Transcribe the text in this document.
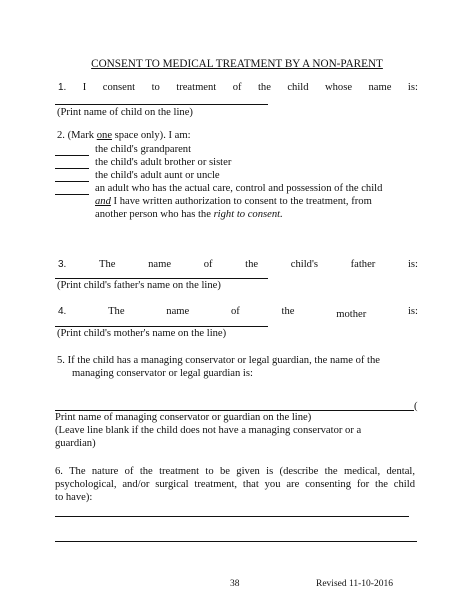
CONSENT TO MEDICAL TREATMENT BY A NON-PARENT
1. I consent to treatment of the child whose name is:
(Print name of child on the line)
2. (Mark one space only). I am:
the child's grandparent
the child's adult brother or sister
the child's adult aunt or uncle
an adult who has the actual care, control and possession of the child
and I have written authorization to consent to the treatment, from
another person who has the right to consent.
3.	The	name	of	the	child's	father	is:
(Print child's father's name on the line)
4.	The	name	of	the	mother	is:
(Print child's mother's name on the line)
5. If the child has a managing conservator or legal guardian, the name of the
managing conservator or legal guardian is:
(
Print name of managing conservator or guardian on the line)
(Leave line blank if the child does not have a managing conservator or a
guardian)
6. The nature of the treatment to be given is (describe the medical, dental,
psychological, and/or surgical treatment, that you are consenting for the child
to have):
38	Revised 11-10-2016
